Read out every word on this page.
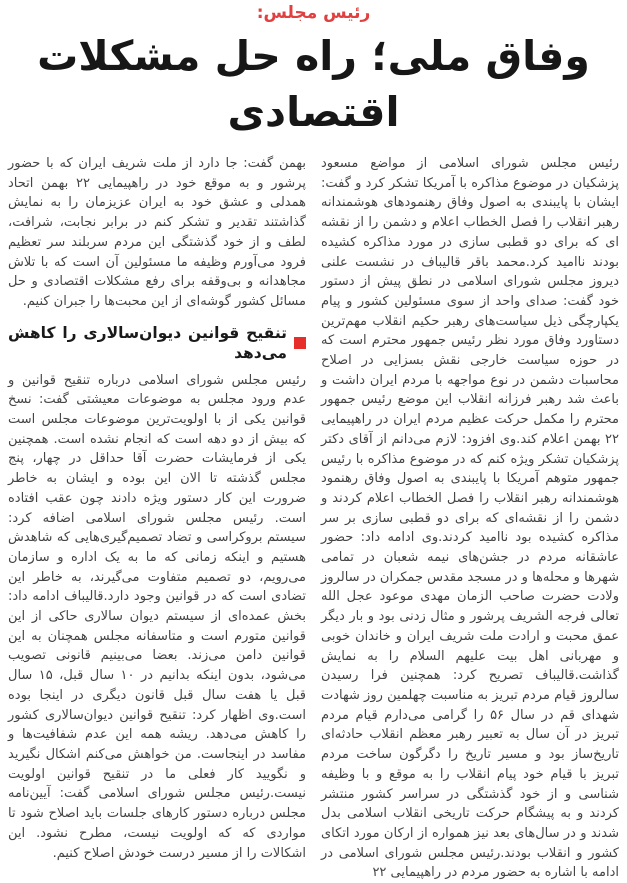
رئیس مجلس:
وفاق ملی؛ راه حل مشکلات اقتصادی

رئیس مجلس شورای اسلامی از مواضع مسعود پزشکیان در موضوع مذاکره با آمریکا تشکر کرد و گفت: ایشان با پایبندی به اصول وفاق رهنمودهای هوشمندانه رهبر انقلاب را فصل الخطاب اعلام و دشمن را از نقشه ای که برای دو قطبی سازی در مورد مذاکره کشیده بودند ناامید کرد.محمد باقر قالیباف در نشست علنی دیروز مجلس شورای اسلامی در نطق پیش از دستور خود گفت: صدای واحد از سوی مسئولین کشور و پیام یکپارچگی ذیل سیاست‌های رهبر حکیم انقلاب مهم‌ترین دستاورد وفاق مورد نظر رئیس جمهور محترم است که در حوزه سیاست خارجی نقش بسزایی در اصلاح محاسبات دشمن در نوع مواجهه با مردم ایران داشت و باعث شد رهبر فرزانه انقلاب این موضع رئیس جمهور محترم را مکمل حرکت عظیم مردم ایران در راهپیمایی ۲۲ بهمن اعلام کند.وی افزود: لازم می‌دانم از آقای دکتر پزشکیان تشکر ویژه کنم که در موضوع مذاکره با رئیس جمهور متوهم آمریکا با پایبندی به اصول وفاق رهنمود هوشمندانه رهبر انقلاب را فصل الخطاب اعلام کردند و دشمن را از نقشه‌ای که برای دو قطبی سازی بر سر مذاکره کشیده بود ناامید کردند.وی ادامه داد: حضور عاشقانه مردم در جشن‌های نیمه شعبان در تمامی شهرها و محله‌ها و در مسجد مقدس جمکران در سالروز ولادت حضرت صاحب الزمان مهدی موعود عجل الله تعالی فرجه الشریف پرشور و مثال زدنی بود و بار دیگر عمق محبت و ارادت ملت شریف ایران و خاندان خوبی و مهربانی اهل بیت علیهم السلام را به نمایش گذاشت.قالیباف تصریح کرد: همچنین فرا رسیدن سالروز قیام مردم تبریز به مناسبت چهلمین روز شهادت شهدای قم در سال ۵۶ را گرامی می‌دارم قیام مردم تبریز در آن سال به تعبیر رهبر معظم انقلاب حادثه‌ای تاریخ‌ساز بود و مسیر تاریخ را دگرگون ساخت مردم تبریز با قیام خود پیام انقلاب را به موقع و با وظیفه شناسی و از خود گذشتگی در سراسر کشور منتشر کردند و به پیشگام حرکت تاریخی انقلاب اسلامی بدل شدند و در سال‌های بعد نیز همواره از ارکان مورد اتکای کشور و انقلاب بودند.رئیس مجلس شورای اسلامی در ادامه با اشاره به حضور مردم در راهپیمایی ۲۲

بهمن گفت: جا دارد از ملت شریف ایران که با حضور پرشور و به موقع خود در راهپیمایی ۲۲ بهمن اتحاد همدلی و عشق خود به ایران عزیزمان را به نمایش گذاشتند تقدیر و تشکر کنم در برابر نجابت، شرافت، لطف و از خود گذشتگی این مردم سربلند سر تعظیم فرود می‌آورم وظیفه ما مسئولین آن است که با تلاش مجاهدانه و بی‌وقفه برای رفع مشکلات اقتصادی و حل مسائل کشور گوشه‌ای از این محبت‌ها را جبران کنیم.

تنقیح قوانین دیوان‌سالاری را کاهش می‌دهد

رئیس مجلس شورای اسلامی درباره تنقیح قوانین و عدم ورود مجلس به موضوعات معیشتی گفت: نسخ قوانین یکی از با اولویت‌ترین موضوعات مجلس است که بیش از دو دهه است که انجام نشده است. همچنین یکی از فرمایشات حضرت آقا حداقل در چهار، پنج مجلس گذشته تا الان این بوده و ایشان به خاطر ضرورت این کار دستور ویژه دادند چون عقب افتاده است. رئیس مجلس شورای اسلامی اضافه کرد: سیستم بروکراسی و تضاد تصمیم‌گیری‌هایی که شاهدش هستیم و اینکه زمانی که ما به یک اداره و سازمان می‌رویم، دو تصمیم متفاوت می‌گیرند، به خاطر این تضادی است که در قوانین وجود دارد.قالیباف ادامه داد: بخش عمده‌ای از سیستم دیوان سالاری حاکی از این قوانین متورم است و متاسفانه مجلس همچنان به این قوانین دامن می‌زند. بعضا می‌بینیم قانونی تصویب می‌شود، بدون اینکه بدانیم در ۱۰ سال قبل، ۱۵ سال قبل یا هفت سال قبل قانون دیگری در اینجا بوده است.وی اظهار کرد: تنقیح قوانین دیوان‌سالاری کشور را کاهش می‌دهد. ریشه همه این عدم شفافیت‌ها و مفاسد در اینجاست. من خواهش می‌کنم اشکال نگیرید و نگویید کار فعلی ما در تنقیح قوانین اولویت نیست.رئیس مجلس شورای اسلامی گفت: آیین‌نامه مجلس درباره دستور کارهای جلسات باید اصلاح شود تا مواردی که که اولویت نیست، مطرح نشود. این اشکالات را از مسیر درست خودش اصلاح کنیم.
